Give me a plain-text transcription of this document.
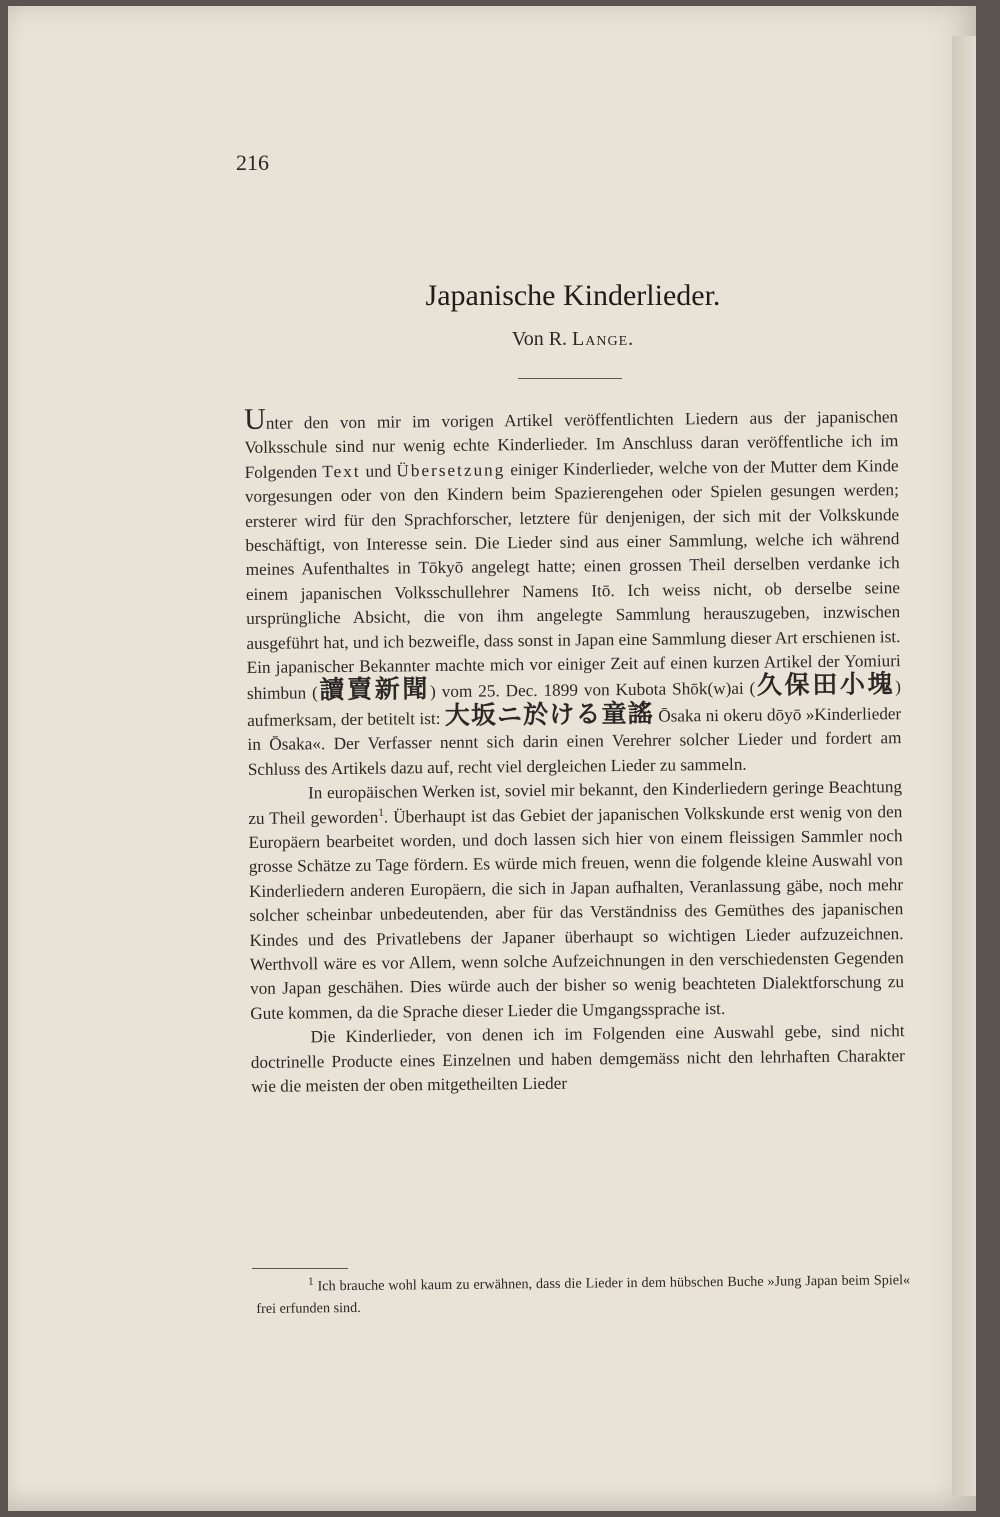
216
Japanische Kinderlieder.
Von R. Lange.

Unter den von mir im vorigen Artikel veröffentlichten Liedern aus der japanischen Volksschule sind nur wenig echte Kinderlieder. Im Anschluss daran veröffentliche ich im Folgenden Text und Übersetzung einiger Kinderlieder, welche von der Mutter dem Kinde vorgesungen oder von den Kindern beim Spazierengehen oder Spielen gesungen werden; ersterer wird für den Sprachforscher, letztere für denjenigen, der sich mit der Volkskunde beschäftigt, von Interesse sein. Die Lieder sind aus einer Sammlung, welche ich während meines Aufenthaltes in Tōkyō angelegt hatte; einen grossen Theil derselben verdanke ich einem japanischen Volksschullehrer Namens Itō. Ich weiss nicht, ob derselbe seine ursprüngliche Absicht, die von ihm angelegte Sammlung herauszugeben, inzwischen ausgeführt hat, und ich bezweifle, dass sonst in Japan eine Sammlung dieser Art erschienen ist. Ein japanischer Bekannter machte mich vor einiger Zeit auf einen kurzen Artikel der Yomiuri shimbun (讀賣新聞) vom 25. Dec. 1899 von Kubota Shōk(w)ai (久保田小塊) aufmerksam, der betitelt ist: 大坂ニ於ける童謠 Ōsaka ni okeru dōyō »Kinderlieder in Ōsaka«. Der Verfasser nennt sich darin einen Verehrer solcher Lieder und fordert am Schluss des Artikels dazu auf, recht viel dergleichen Lieder zu sammeln.

In europäischen Werken ist, soviel mir bekannt, den Kinderliedern geringe Beachtung zu Theil geworden$^1$. Überhaupt ist das Gebiet der japanischen Volkskunde erst wenig von den Europäern bearbeitet worden, und doch lassen sich hier von einem fleissigen Sammler noch grosse Schätze zu Tage fördern. Es würde mich freuen, wenn die folgende kleine Auswahl von Kinderliedern anderen Europäern, die sich in Japan aufhalten, Veranlassung gäbe, noch mehr solcher scheinbar unbedeutenden, aber für das Verständniss des Gemüthes des japanischen Kindes und des Privatlebens der Japaner überhaupt so wichtigen Lieder aufzuzeichnen. Werthvoll wäre es vor Allem, wenn solche Aufzeichnungen in den verschiedensten Gegenden von Japan geschähen. Dies würde auch der bisher so wenig beachteten Dialektforschung zu Gute kommen, da die Sprache dieser Lieder die Umgangssprache ist.

Die Kinderlieder, von denen ich im Folgenden eine Auswahl gebe, sind nicht doctrinelle Producte eines Einzelnen und haben demgemäss nicht den lehrhaften Charakter wie die meisten der oben mitgetheilten Lieder

$^1$ Ich brauche wohl kaum zu erwähnen, dass die Lieder in dem hübschen Buche »Jung Japan beim Spiel« frei erfunden sind.
